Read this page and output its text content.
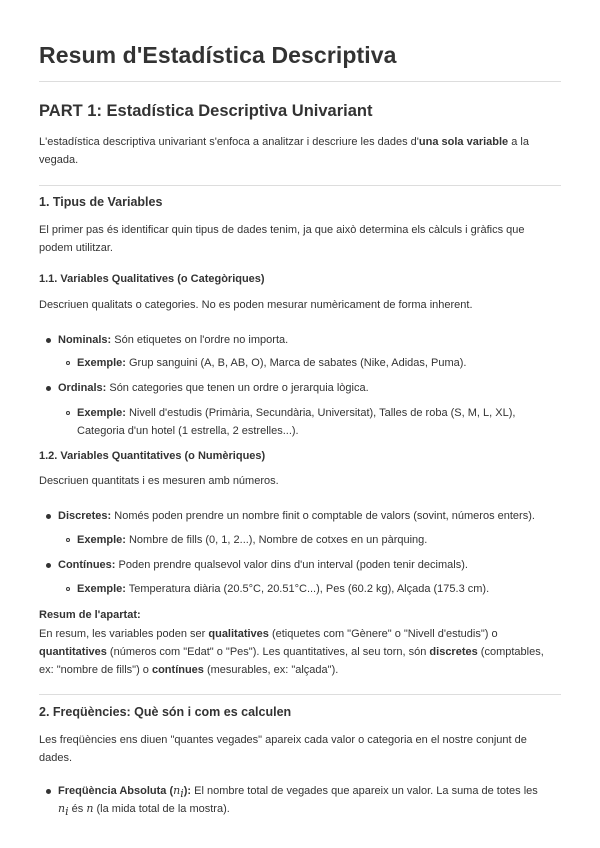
Resum d'Estadística Descriptiva
PART 1: Estadística Descriptiva Univariant

L'estadística descriptiva univariant s'enfoca a analitzar i descriure les dades d'una sola variable a la vegada.

1. Tipus de Variables

El primer pas és identificar quin tipus de dades tenim, ja que això determina els càlculs i gràfics que podem utilitzar.

1.1. Variables Qualitatives (o Categòriques)

Descriuen qualitats o categories. No es poden mesurar numèricament de forma inherent.

Nominals: Són etiquetes on l'ordre no importa.
Exemple: Grup sanguini (A, B, AB, O), Marca de sabates (Nike, Adidas, Puma).
Ordinals: Són categories que tenen un ordre o jerarquia lògica.
Exemple: Nivell d'estudis (Primària, Secundària, Universitat), Talles de roba (S, M, L, XL),
Categoria d'un hotel (1 estrella, 2 estrelles...).
1.2. Variables Quantitatives (o Numèriques)

Descriuen quantitats i es mesuren amb números.

Discretes: Només poden prendre un nombre finit o comptable de valors (sovint, números enters).
Exemple: Nombre de fills (0, 1, 2...), Nombre de cotxes en un pàrquing.
Contínues: Poden prendre qualsevol valor dins d'un interval (poden tenir decimals).
Exemple: Temperatura diària (20.5°C, 20.51°C...), Pes (60.2 kg), Alçada (175.3 cm).
Resum de l'apartat:
En resum, les variables poden ser qualitatives (etiquetes com "Gènere" o "Nivell d'estudis") o
quantitatives (números com "Edat" o "Pes"). Les quantitatives, al seu torn, són discretes (comptables,
ex: "nombre de fills") o contínues (mesurables, ex: "alçada").
2. Freqüències: Què són i com es calculen

Les freqüències ens diuen "quantes vegades" apareix cada valor o categoria en el nostre conjunt de dades.

Freqüència Absoluta $(n_i)$: El nombre total de vegades que apareix un valor. La suma de totes les
$n_i$ és n (la mida total de la mostra).
